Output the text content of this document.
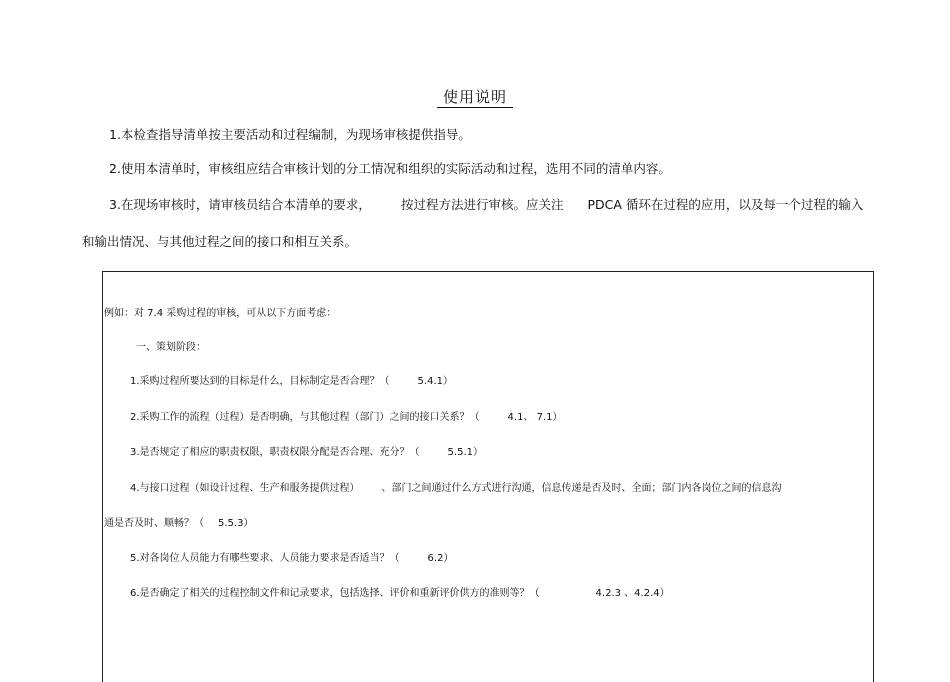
使用说明
1.本检查指导清单按主要活动和过程编制，为现场审核提供指导。
2.使用本清单时，审核组应结合审核计划的分工情况和组织的实际活动和过程，选用不同的清单内容。
3.在现场审核时，请审核员结合本清单的要求， 按过程方法进行审核。应关注 PDCA 循环在过程的应用，以及每一个过程的输入
和输出情况、与其他过程之间的接口和相互关系。
例如：对 7.4 采购过程的审核，可从以下方面考虑：
一、策划阶段：
1.采购过程所要达到的目标是什么，目标制定是否合理？（	5.4.1）
2.采购工作的流程（过程）是否明确，与其他过程（部门）之间的接口关系？（	4.1、 7.1）
3.是否规定了相应的职责权限，职责权限分配是否合理、充分？（	5.5.1）
4.与接口过程（如设计过程、生产和服务提供过程） 、部门之间通过什么方式进行沟通，信息传递是否及时、全面；部门内各岗位之间的信息沟
通是否及时、顺畅？（ 5.5.3）
5.对各岗位人员能力有哪些要求、人员能力要求是否适当？（	6.2）
6.是否确定了相关的过程控制文件和记录要求，包括选择、评价和重新评价供方的准则等？（	4.2.3 、4.2.4）
